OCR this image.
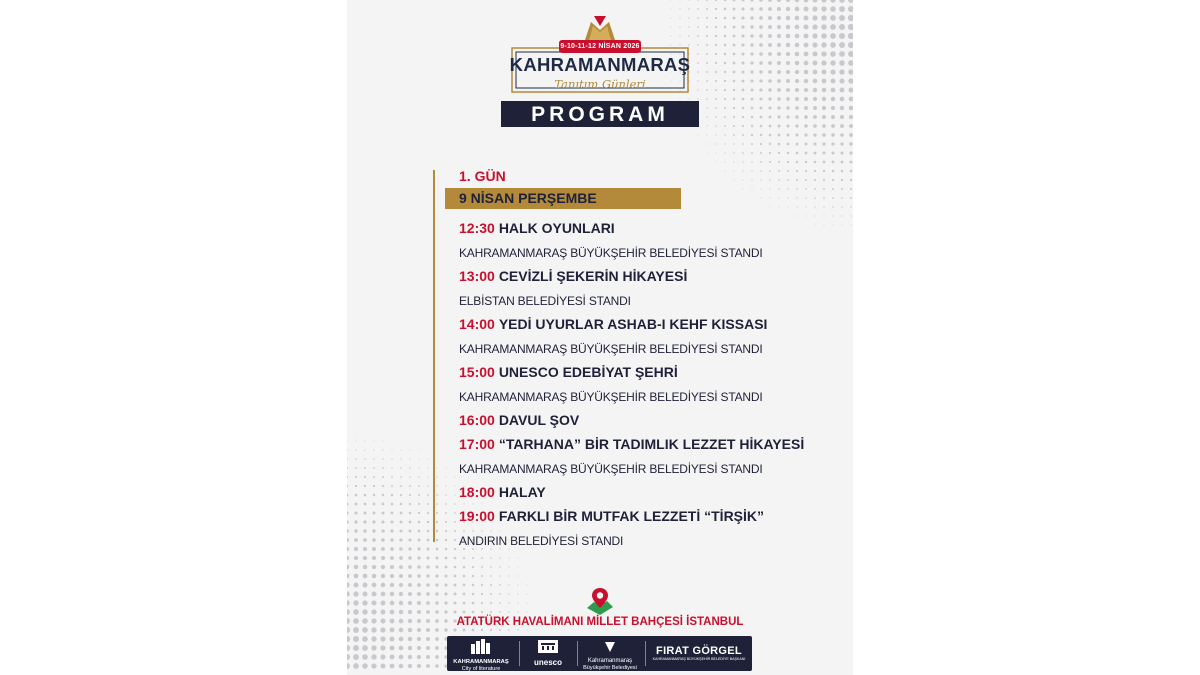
9-10-11-12 NİSAN 2026
KAHRAMANMARAŞ
Tanıtım Günleri
PROGRAM
1. GÜN
9 NİSAN PERŞEMBE
12:30 HALK OYUNLARI
KAHRAMANMARAŞ BÜYÜKŞEHİR BELEDİYESİ STANDI
13:00 CEVİZLİ ŞEKERİN HİKAYESİ
ELBİSTAN BELEDİYESİ STANDI
14:00 YEDİ UYURLAR ASHAB-I KEHF KISSASI
KAHRAMANMARAŞ BÜYÜKŞEHİR BELEDİYESİ STANDI
15:00 UNESCO EDEBİYAT ŞEHRİ
KAHRAMANMARAŞ BÜYÜKŞEHİR BELEDİYESİ STANDI
16:00 DAVUL ŞOV
17:00 “TARHANA” BİR TADIMLIK LEZZET HİKAYESİ
KAHRAMANMARAŞ BÜYÜKŞEHİR BELEDİYESİ STANDI
18:00 HALAY
19:00 FARKLI BİR MUTFAK LEZZETİ “TİRŞİK”
ANDIRIN BELEDİYESİ STANDI
ATATÜRK HAVALİMANI MİLLET BAHÇESİ İSTANBUL
KAHRAMANMARAŞ
City of literature
unesco	Kahramanmaraş
Büyükşehir Belediyesi
FIRAT GÖRGEL
KAHRAMANMARAŞ BÜYÜKŞEHİR BELEDİYE BAŞKANI
